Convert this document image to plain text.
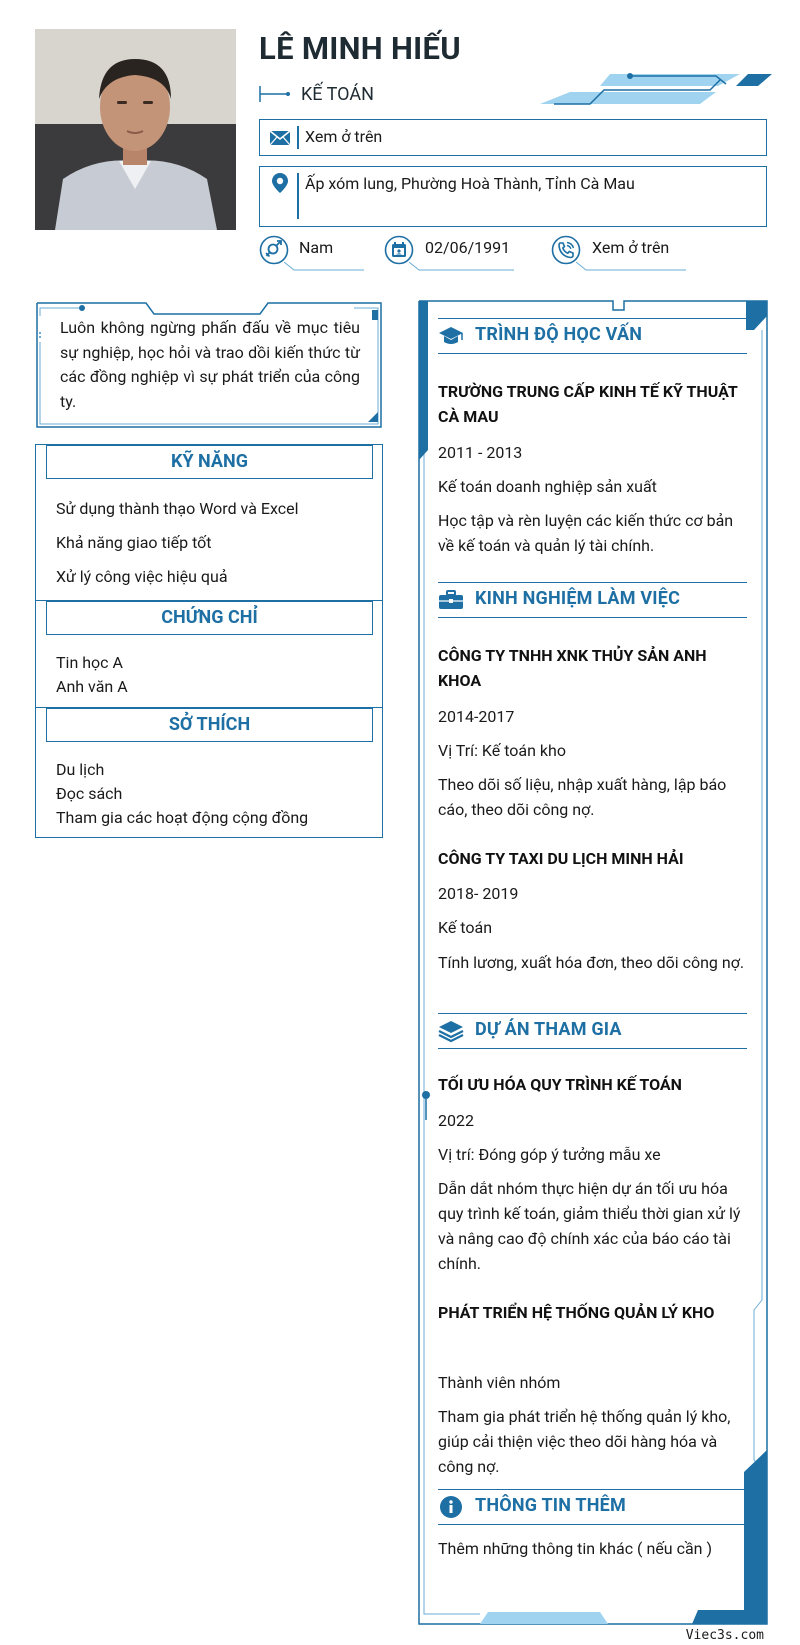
LÊ MINH HIẾU
KẾ TOÁN
Xem ở trên
Ấp xóm lung, Phường Hoà Thành, Tỉnh Cà Mau
Nam	02/06/1991	Xem ở trên
Luôn không ngừng phấn đấu về mục tiêu sự nghiệp, học hỏi và trao dồi kiến thức từ các đồng nghiệp vì sự phát triển của công ty.
KỸ NĂNG
Sử dụng thành thạo Word và Excel
Khả năng giao tiếp tốt
Xử lý công việc hiệu quả
CHỨNG CHỈ
Tin học A
Anh văn A
SỞ THÍCH
Du lịch
Đọc sách
Tham gia các hoạt động cộng đồng
TRÌNH ĐỘ HỌC VẤN
TRƯỜNG TRUNG CẤP KINH TẾ KỸ THUẬT CÀ MAU
2011 - 2013
Kế toán doanh nghiệp sản xuất
Học tập và rèn luyện các kiến thức cơ bản về kế toán và quản lý tài chính.
KINH NGHIỆM LÀM VIỆC
CÔNG TY TNHH XNK THỦY SẢN ANH KHOA
2014-2017
Vị Trí: Kế toán kho
Theo dõi số liệu, nhập xuất hàng, lập báo cáo, theo dõi công nợ.
CÔNG TY TAXI DU LỊCH MINH HẢI
2018- 2019
Kế toán
Tính lương, xuất hóa đơn, theo dõi công nợ.
DỰ ÁN THAM GIA
TỐI ƯU HÓA QUY TRÌNH KẾ TOÁN
2022
Vị trí: Đóng góp ý tưởng mẫu xe
Dẫn dắt nhóm thực hiện dự án tối ưu hóa quy trình kế toán, giảm thiểu thời gian xử lý và nâng cao độ chính xác của báo cáo tài chính.
PHÁT TRIỂN HỆ THỐNG QUẢN LÝ KHO
Thành viên nhóm
Tham gia phát triển hệ thống quản lý kho, giúp cải thiện việc theo dõi hàng hóa và công nợ.
THÔNG TIN THÊM
Thêm những thông tin khác ( nếu cần )
Viec3s.com
